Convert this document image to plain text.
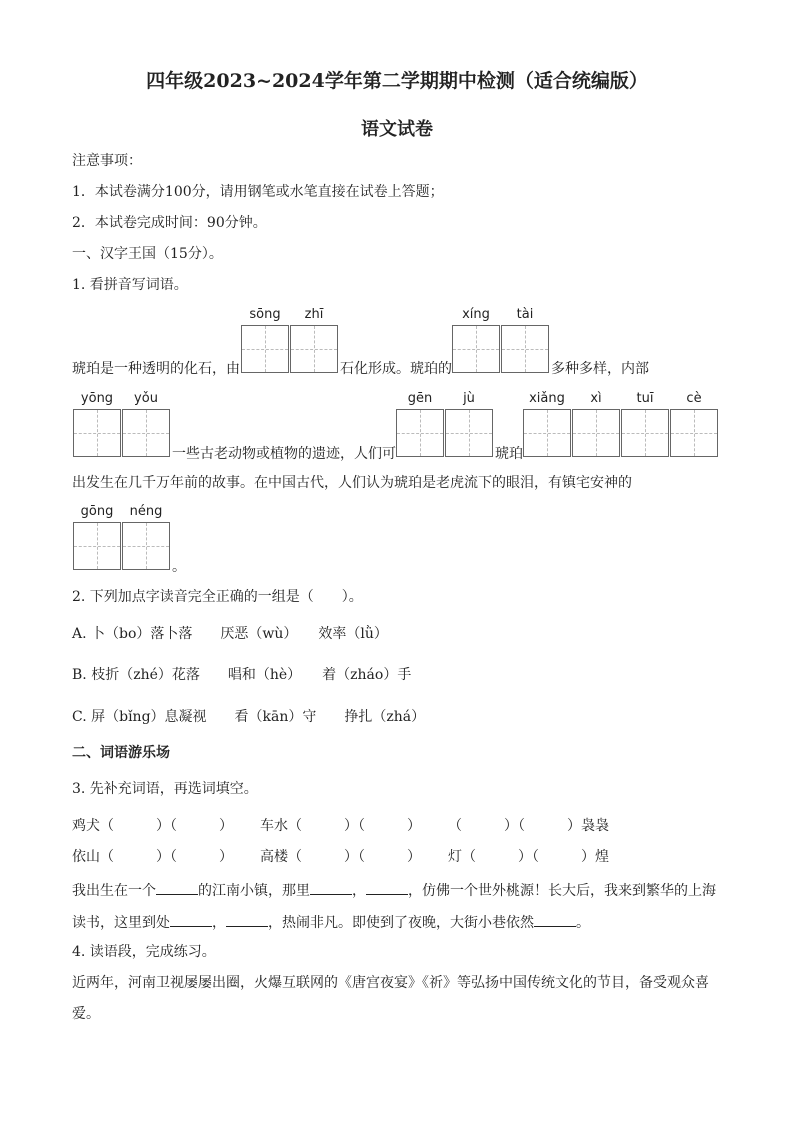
四年级2023~2024学年第二学期期中检测（适合统编版）
语文试卷
注意事项：
1．本试卷满分100分，请用钢笔或水笔直接在试卷上答题；
2．本试卷完成时间：90分钟。
一、汉字王国（15分）。
1. 看拼音写词语。
sōng	zhī	xíng	tài
琥珀是一种透明的化石，由	石化形成。琥珀的	多种多样，内部
yōng	yǒu	gēn	jù	xiǎng	xì	tuī	cè
一些古老动物或植物的遗迹，人们可	琥珀
出发生在几千万年前的故事。在中国古代，人们认为琥珀是老虎流下的眼泪，有镇宅安神的
gōng	néng
。
2. 下列加点字读音完全正确的一组是（　　）。
A. 卜（bo）落卜落　　厌恶（wù）　　效率（lǜ）
B. 枝折（zhé）花落　　唱和（hè）　　着（zháo）手
C. 屏（bǐng）息凝视　　看（kān）守　　挣扎（zhá）
二、词语游乐场
3. 先补充词语，再选词填空。
鸡犬（　　　）（　　　） 车水（　　　）（　　　） （　　　）（　　　）袅袅
依山（　　　）（　　　） 高楼（　　　）（　　　） 灯（　　　）（　　　）煌
我出生在一个	的江南小镇，那里	，	，仿佛一个世外桃源！长大后，我来到繁华的上海
读书，这里到处	，	，热闹非凡。即使到了夜晚，大街小巷依然	。
4. 读语段，完成练习。
近两年，河南卫视屡屡出圈，火爆互联网的《唐宫夜宴》《祈》等弘扬中国传统文化的节目，备受观众喜
爱。
